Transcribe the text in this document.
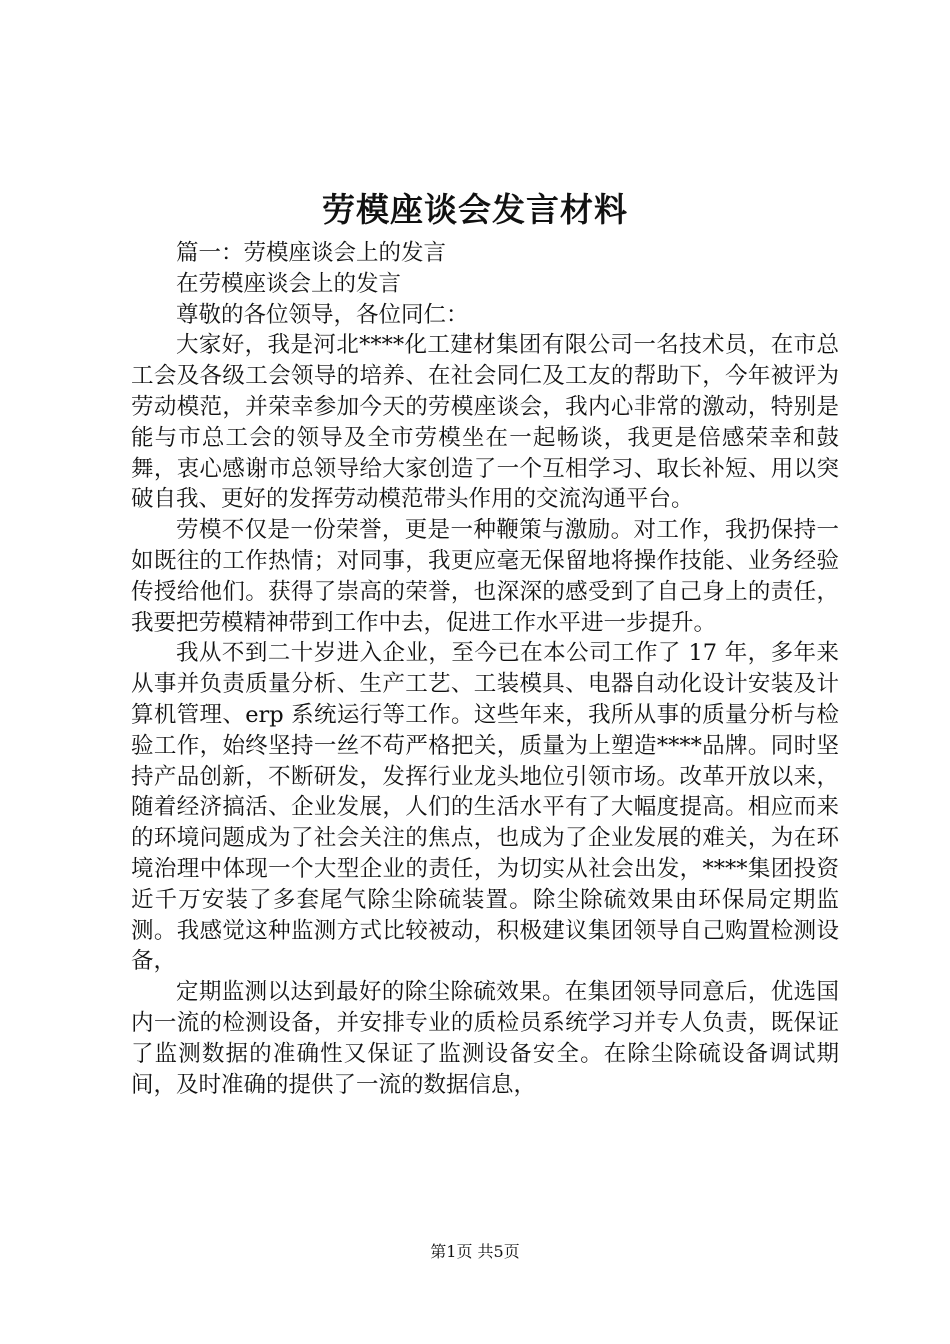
劳模座谈会发言材料

篇一：劳模座谈会上的发言

在劳模座谈会上的发言

尊敬的各位领导，各位同仁：

大家好，我是河北****化工建材集团有限公司一名技术员，在市总工会及各级工会领导的培养、在社会同仁及工友的帮助下，今年被评为劳动模范，并荣幸参加今天的劳模座谈会，我内心非常的激动，特别是能与市总工会的领导及全市劳模坐在一起畅谈，我更是倍感荣幸和鼓舞，衷心感谢市总领导给大家创造了一个互相学习、取长补短、用以突破自我、更好的发挥劳动模范带头作用的交流沟通平台。

劳模不仅是一份荣誉，更是一种鞭策与激励。对工作，我扔保持一如既往的工作热情；对同事，我更应毫无保留地将操作技能、业务经验传授给他们。获得了崇高的荣誉，也深深的感受到了自己身上的责任，我要把劳模精神带到工作中去，促进工作水平进一步提升。

我从不到二十岁进入企业，至今已在本公司工作了 17 年，多年来从事并负责质量分析、生产工艺、工装模具、电器自动化设计安装及计算机管理、erp 系统运行等工作。这些年来，我所从事的质量分析与检验工作，始终坚持一丝不苟严格把关，质量为上塑造****品牌。同时坚持产品创新，不断研发，发挥行业龙头地位引领市场。改革开放以来，随着经济搞活、企业发展，人们的生活水平有了大幅度提高。相应而来的环境问题成为了社会关注的焦点，也成为了企业发展的难关，为在环境治理中体现一个大型企业的责任，为切实从社会出发，****集团投资近千万安装了多套尾气除尘除硫装置。除尘除硫效果由环保局定期监测。我感觉这种监测方式比较被动，积极建议集团领导自己购置检测设备，

定期监测以达到最好的除尘除硫效果。在集团领导同意后，优选国内一流的检测设备，并安排专业的质检员系统学习并专人负责，既保证了监测数据的准确性又保证了监测设备安全。在除尘除硫设备调试期间，及时准确的提供了一流的数据信息，

第1页 共5页
